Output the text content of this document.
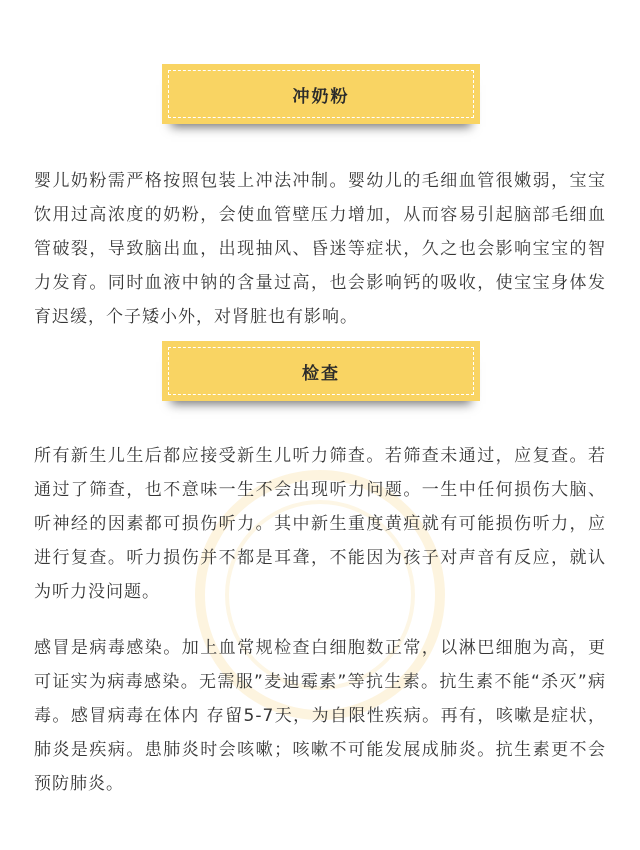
冲奶粉
婴儿奶粉需严格按照包装上冲法冲制。婴幼儿的毛细血管很嫩弱，宝宝饮用过高浓度的奶粉，会使血管壁压力增加，从而容易引起脑部毛细血管破裂，导致脑出血，出现抽风、昏迷等症状，久之也会影响宝宝的智力发育。同时血液中钠的含量过高，也会影响钙的吸收，使宝宝身体发育迟缓，个子矮小外，对肾脏也有影响。
检查
所有新生儿生后都应接受新生儿听力筛查。若筛查未通过，应复查。若通过了筛查，也不意味一生不会出现听力问题。一生中任何损伤大脑、听神经的因素都可损伤听力。其中新生重度黄疸就有可能损伤听力，应进行复查。听力损伤并不都是耳聋，不能因为孩子对声音有反应，就认为听力没问题。
感冒是病毒感染。加上血常规检查白细胞数正常，以淋巴细胞为高，更可证实为病毒感染。无需服”麦迪霉素”等抗生素。抗生素不能“杀灭”病毒。感冒病毒在体内 存留5-7天，为自限性疾病。再有，咳嗽是症状，肺炎是疾病。患肺炎时会咳嗽；咳嗽不可能发展成肺炎。抗生素更不会预防肺炎。
